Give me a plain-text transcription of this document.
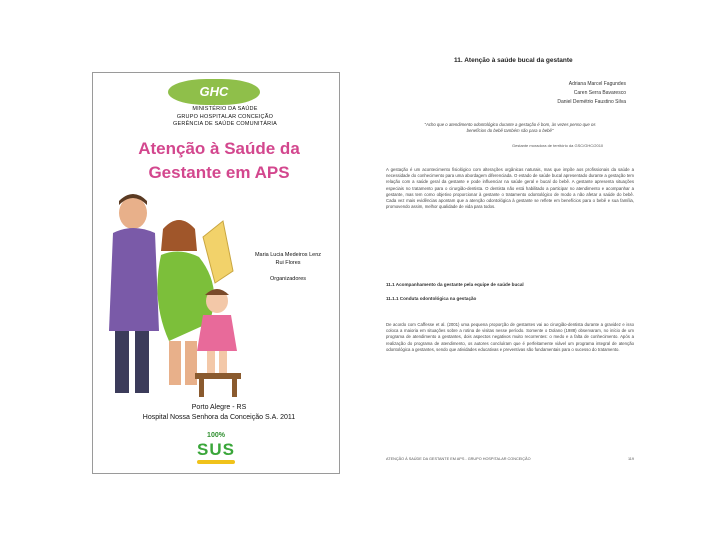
GHC
MINISTÉRIO DA SAÚDE
GRUPO HOSPITALAR CONCEIÇÃO
GERÊNCIA DE SAÚDE COMUNITÁRIA
Atenção à Saúde da
Gestante em APS
Maria Lucia Medeiros Lenz
Rui Flores
Organizadores
Porto Alegre - RS
Hospital Nossa Senhora da Conceição S.A. 2011
100%
SUS
11. Atenção à saúde bucal da gestante
Adriana Marcel Fagundes
Caren Serra Bavaresco
Daniel Demétrio Faustino Silva
"Acho que o atendimento odontológico durante a gestação é bom, às vezes penso que os benefícios do bebê também são para o bebê"
Gestante moradora de território da GSC/GHC/2010
A gestação é um acontecimento fisiológico com alterações orgânicas naturais, mas que impõe aos profissionais da saúde a necessidade do conhecimento para uma abordagem diferenciada. O estado de saúde bucal apresentado durante a gestação tem relação com a saúde geral da gestante e pode influenciar na saúde geral e bucal do bebê. A gestante apresenta situações especiais no tratamento para o cirurgião-dentista. O dentista não está habilitado a participar no atendimento e acompanhar a gestante, mas tem como objetivo proporcionar à gestante o tratamento odontológico de modo a não afetar a saúde do bebê. Cada vez mais evidências apontam que a atenção odontológica à gestante se reflete em benefícios para o bebê e sua família, promovendo assim, melhor qualidade de vida para todos.
11.1 Acompanhamento da gestante pela equipe de saúde bucal
11.1.1 Conduta odontológica na gestação
De acordo com Caffesse et al. (2001) uma pequena proporção de gestantes vai ao cirurgião-dentista durante a gravidez e isso coloca a maioria em situações sobre a rotina de visitas nesse período. Somente o Dolano (1988) observaram, no início de um programa de atendimento a gestantes, dois aspectos negativos muito recorrentes: o medo e a falta de conhecimento. Após a realização do programa de atendimento, os autores concluíram que é perfeitamente viável um programa integral de atenção odontológica a gestantes, sendo que atividades educativas e preventivas são fundamentais para o sucesso do tratamento.
ATENÇÃO À SAÚDE DA GESTANTE EM APS - GRUPO HOSPITALAR CONCEIÇÃO	119
